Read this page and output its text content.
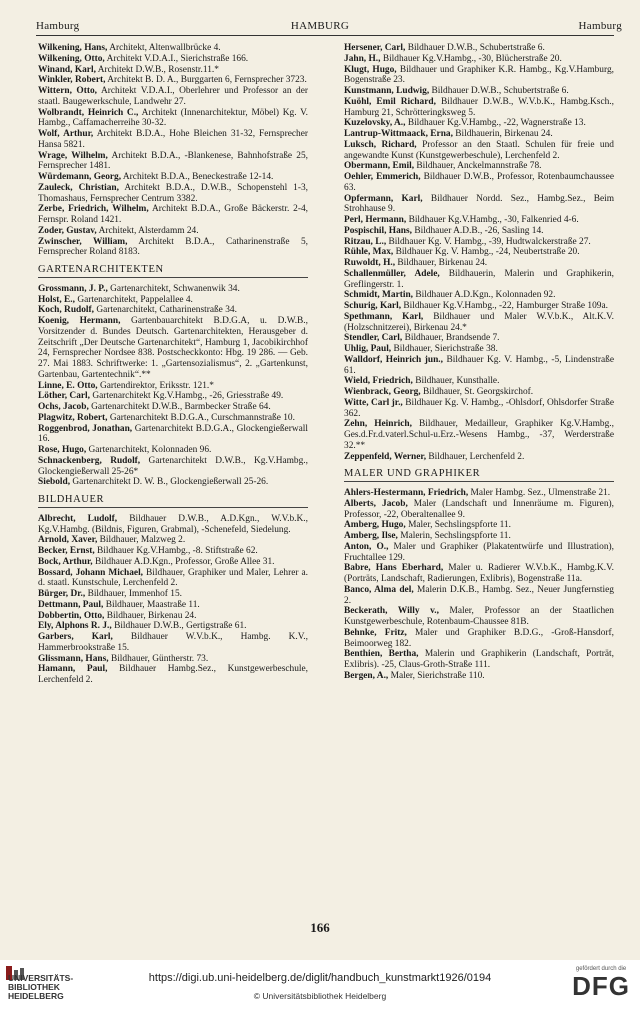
Hamburg	HAMBURG	Hamburg
Wilkening, Hans, Architekt, Altenwallbrücke 4.
Wilkening, Otto, Architekt V.D.A.I., Sierichstraße 166.
Winand, Karl, Architekt D.W.B., Rosenstr.11.*
Winkler, Robert, Architekt B. D. A., Burggarten 6, Fernsprecher 3723.
Wittern, Otto, Architekt V.D.A.I., Oberlehrer und Professor an der staatl. Baugewerkschule, Landwehr 27.
Wolbrandt, Heinrich C., Architekt (Innenarchitektur, Möbel) Kg. V. Hambg., Caffamacherreihe 30-32.
Wolf, Arthur, Architekt B.D.A., Hohe Bleichen 31-32, Fernsprecher Hansa 5821.
Wrage, Wilhelm, Architekt B.D.A., -Blankenese, Bahnhofstraße 25, Fernsprecher 1481.
Würdemann, Georg, Architekt B.D.A., Beneckestraße 12-14.
Zauleck, Christian, Architekt B.D.A., D.W.B., Schopenstehl 1-3, Thomashaus, Fernsprecher Centrum 3382.
Zerbe, Friedrich, Wilhelm, Architekt B.D.A., Große Bäckerstr. 2-4, Fernspr. Roland 1421.
Zoder, Gustav, Architekt, Alsterdamm 24.
Zwinscher, William, Architekt B.D.A., Catharinenstraße 5, Fernsprecher Roland 8183.
GARTENARCHITEKTEN
Grossmann, J. P., Gartenarchitekt, Schwanenwik 34.
Holst, E., Gartenarchitekt, Pappelallee 4.
Koch, Rudolf, Gartenarchitekt, Catharinenstraße 34.
Koenig, Hermann, Gartenbauarchitekt B.D.G.A, u. D.W.B., Vorsitzender d. Bundes Deutsch. Gartenarchitekten, Herausgeber d. Zeitschrift „Der Deutsche Gartenarchitekt“, Hamburg 1, Jacobikirchhof 24, Fernsprecher Nordsee 838. Postscheckkonto: Hbg. 19 286. — Geb. 27. Mai 1883. Schriftwerke: 1. „Gartensozialismus“, 2. „Gartenkunst, Gartenbau, Gartentechnik“.**
Linne, E. Otto, Gartendirektor, Eriksstr. 121.*
Löther, Carl, Gartenarchitekt Kg.V.Hambg., -26, Griesstraße 49.
Ochs, Jacob, Gartenarchitekt D.W.B., Barmbecker Straße 64.
Plagwitz, Robert, Gartenarchitekt B.D.G.A., Curschmannstraße 10.
Roggenbrod, Jonathan, Gartenarchitekt B.D.G.A., Glockengießerwall 16.
Rose, Hugo, Gartenarchitekt, Kolonnaden 96.
Schnackenberg, Rudolf, Gartenarchitekt D.W.B., Kg.V.Hambg., Glockengießerwall 25-26*
Siebold, Gartenarchitekt D. W. B., Glockengießerwall 25-26.
BILDHAUER
Albrecht, Ludolf, Bildhauer D.W.B., A.D.Kgn., W.V.b.K., Kg.V.Hambg. (Bildnis, Figuren, Grabmal), -Schenefeld, Siedelung.
Arnold, Xaver, Bildhauer, Malzweg 2.
Becker, Ernst, Bildhauer Kg.V.Hambg., -8. Stiftstraße 62.
Bock, Arthur, Bildhauer A.D.Kgn., Professor, Große Allee 31.
Bossard, Johann Michael, Bildhauer, Graphiker und Maler, Lehrer a. d. staatl. Kunstschule, Lerchenfeld 2.
Bürger, Dr., Bildhauer, Immenhof 15.
Dettmann, Paul, Bildhauer, Maastraße 11.
Dobbertin, Otto, Bildhauer, Birkenau 24.
Ely, Alphons R. J., Bildhauer D.W.B., Gertigstraße 61.
Garbers, Karl, Bildhauer W.V.b.K., Hambg. K.V., Hammerbrookstraße 15.
Glissmann, Hans, Bildhauer, Güntherstr. 73.
Hamann, Paul, Bildhauer Hambg.Sez., Kunstgewerbeschule, Lerchenfeld 2.
Hersener, Carl, Bildhauer D.W.B., Schubertstraße 6.
Jahn, H., Bildhauer Kg.V.Hambg., -30, Blücherstraße 20.
Klugt, Hugo, Bildhauer und Graphiker K.R. Hambg., Kg.V.Hamburg, Bogenstraße 23.
Kunstmann, Ludwig, Bildhauer D.W.B., Schubertstraße 6.
Kuöhl, Emil Richard, Bildhauer D.W.B., W.V.b.K., Hambg.Ksch., Hamburg 21, Schrötteringksweg 5.
Kuzelovsky, A., Bildhauer Kg.V.Hambg., -22, Wagnerstraße 13.
Lantrup-Wittmaack, Erna, Bildhauerin, Birkenau 24.
Luksch, Richard, Professor an den Staatl. Schulen für freie und angewandte Kunst (Kunstgewerbeschule), Lerchenfeld 2.
Obermann, Emil, Bildhauer, Anckelmannstraße 78.
Oehler, Emmerich, Bildhauer D.W.B., Professor, Rotenbaumchaussee 63.
Opfermann, Karl, Bildhauer Nordd. Sez., Hambg.Sez., Beim Strohhause 9.
Perl, Hermann, Bildhauer Kg.V.Hambg., -30, Falkenried 4-6.
Pospischil, Hans, Bildhauer A.D.B., -26, Sasling 14.
Ritzau, L., Bildhauer Kg. V. Hambg., -39, Hudtwalckerstraße 27.
Rühle, Max, Bildhauer Kg. V. Hambg., -24, Neubertstraße 20.
Ruwoldt, H., Bildhauer, Birkenau 24.
Schallenmüller, Adele, Bildhauerin, Malerin und Graphikerin, Greflingerstr. 1.
Schmidt, Martin, Bildhauer A.D.Kgn., Kolonnaden 92.
Schurig, Karl, Bildhauer Kg.V.Hambg., -22, Hamburger Straße 109a.
Spethmann, Karl, Bildhauer und Maler W.V.b.K., Alt.K.V. (Holzschnitzerei), Birkenau 24.*
Stendler, Carl, Bildhauer, Brandsende 7.
Uhlig, Paul, Bildhauer, Sierichstraße 38.
Walldorf, Heinrich jun., Bildhauer Kg. V. Hambg., -5, Lindenstraße 61.
Wield, Friedrich, Bildhauer, Kunsthalle.
Wienbrack, Georg, Bildhauer, St. Georgskirchof.
Witte, Carl jr., Bildhauer Kg. V. Hambg., -Ohlsdorf, Ohlsdorfer Straße 362.
Zehn, Heinrich, Bildhauer, Medailleur, Graphiker Kg.V.Hambg., Ges.d.Fr.d.vaterl.Schul-u.Erz.-Wesens Hambg., -37, Werderstraße 32.**
Zeppenfeld, Werner, Bildhauer, Lerchenfeld 2.
MALER UND GRAPHIKER
Ahlers-Hestermann, Friedrich, Maler Hambg. Sez., Ulmenstraße 21.
Alberts, Jacob, Maler (Landschaft und Innenräume m. Figuren), Professor, -22, Oberaltenallee 9.
Amberg, Hugo, Maler, Sechslingspforte 11.
Amberg, Ilse, Malerin, Sechslingspforte 11.
Anton, O., Maler und Graphiker (Plakatentwürfe und Illustration), Fruchtallee 129.
Babre, Hans Eberhard, Maler u. Radierer W.V.b.K., Hambg.K.V. (Porträts, Landschaft, Radierungen, Exlibris), Bogenstraße 11a.
Banco, Alma del, Malerin D.K.B., Hambg. Sez., Neuer Jungfernstieg 2.
Beckerath, Willy v., Maler, Professor an der Staatlichen Kunstgewerbeschule, Rotenbaum-Chaussee 81B.
Behnke, Fritz, Maler und Graphiker B.D.G., -Groß-Hansdorf, Beimoorweg 182.
Benthien, Bertha, Malerin und Graphikerin (Landschaft, Porträt, Exlibris). -25, Claus-Groth-Straße 111.
Bergen, A., Maler, Sierichstraße 110.
166
UNIVERSITÄTS-
BIBLIOTHEK
HEIDELBERG
https://digi.ub.uni-heidelberg.de/diglit/handbuch_kunstmarkt1926/0194
© Universitätsbibliothek Heidelberg
gefördert durch die
DFG
